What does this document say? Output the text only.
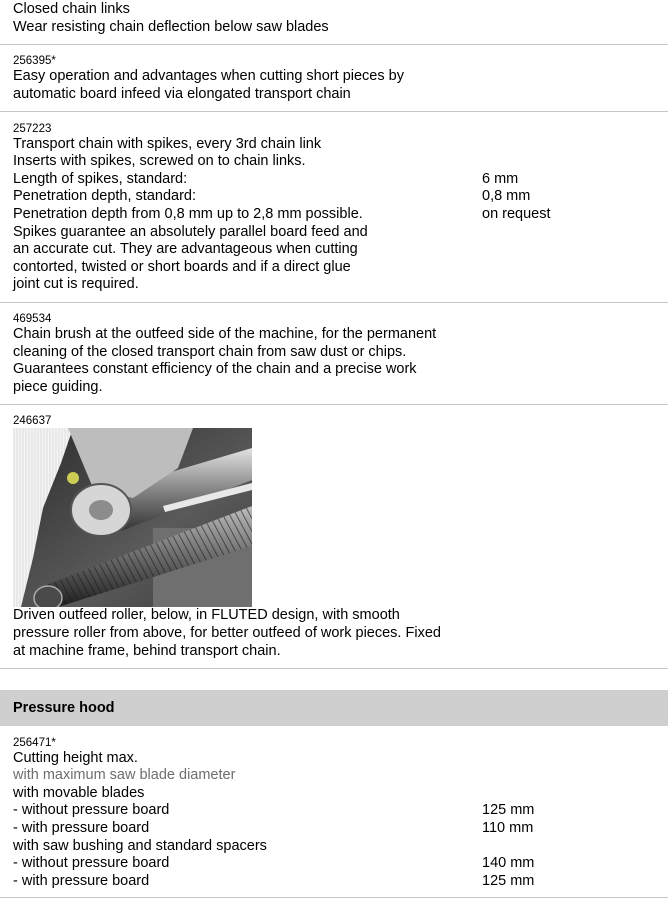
Closed chain links
Wear resisting chain deflection below saw blades
256395*
Easy operation and advantages when cutting short pieces by
automatic board infeed via elongated transport chain
257223
Transport chain with spikes, every 3rd chain link
Inserts with spikes, screwed on to chain links.
Length of spikes, standard:	6 mm
Penetration depth, standard:	0,8 mm
Penetration depth from 0,8 mm up to 2,8 mm possible.	on request
Spikes guarantee an absolutely parallel board feed and
an accurate cut. They are advantageous when cutting
contorted, twisted or short boards and if a direct glue
joint cut is required.
469534
Chain brush at the outfeed side of the machine, for the permanent
cleaning of the closed transport chain from saw dust or chips.
Guarantees constant efficiency of the chain and a precise work
piece guiding.
246637
Driven outfeed roller, below, in FLUTED design, with smooth
pressure roller from above, for better outfeed of work pieces. Fixed
at machine frame, behind transport chain.
Pressure hood
256471*
Cutting height max.
with maximum saw blade diameter
with movable blades
- without pressure board	125 mm
- with pressure board	110 mm
with saw bushing and standard spacers
- without pressure board	140 mm
- with pressure board	125 mm
